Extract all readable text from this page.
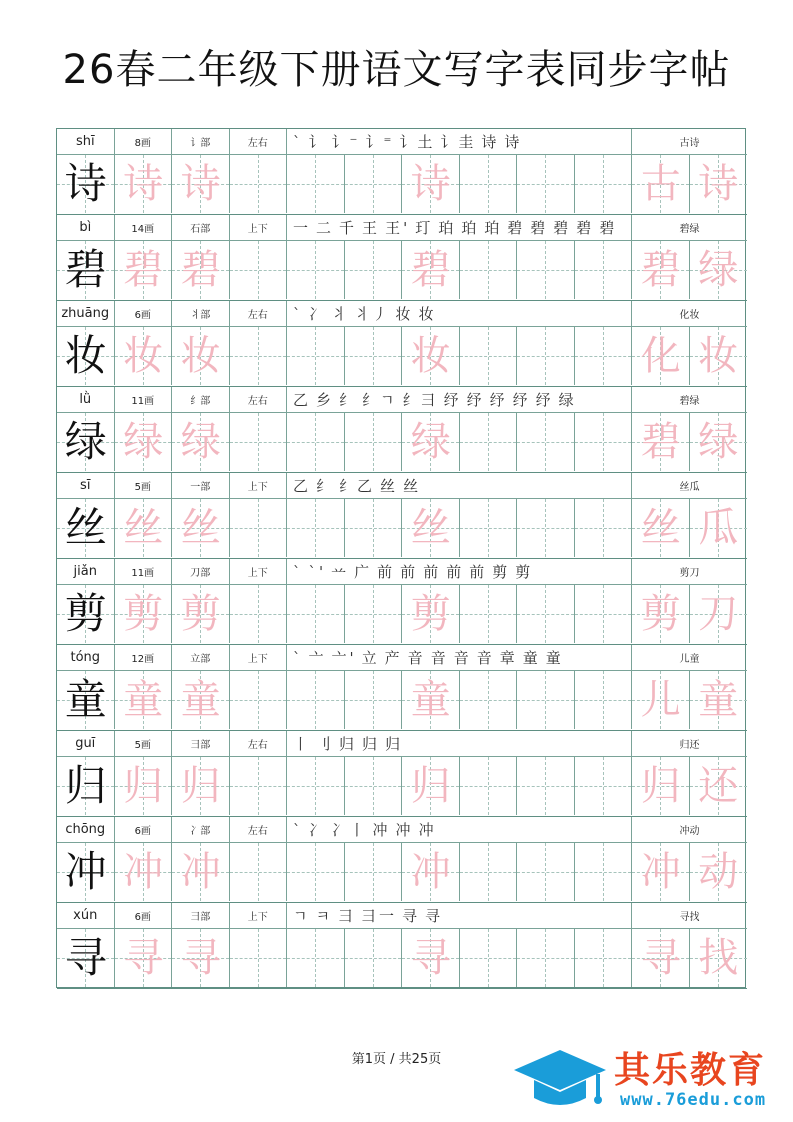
26春二年级下册语文写字表同步字帖
shī	8画	讠部	左右	ˋ 讠 讠⁻ 讠⁼ 讠土 讠圭 诗 诗	古诗
诗 诗 诗	诗	古 诗
bì	14画	石部	上下	一 二 千 王 王' 玎 珀 珀 珀 碧 碧 碧 碧 碧	碧绿
碧 碧 碧	碧	碧 绿
zhuāng	6画	丬部	左右	ˋ 冫 丬 丬丿 妆 妆	化妆
妆 妆 妆	妆	化 妆
lǜ	11画	纟部	左右	乙 乡 纟 纟ㄱ 纟⺕ 纾 纾 纾 纾 纾 绿	碧绿
绿 绿 绿	绿	碧 绿
sī	5画	一部	上下	乙 纟 纟乙 丝 丝	丝瓜
丝 丝 丝	丝	丝 瓜
jiǎn	11画	刀部	上下	ˋ ˋ' 䒑 广 前 前 前 前 前 剪 剪	剪刀
剪 剪 剪	剪	剪 刀
tóng	12画	立部	上下	ˋ 亠 亠' 立 产 音 音 音 音 章 童 童	儿童
童 童 童	童	儿 童
guī	5画	彐部	左右	丨 刂 归 归 归	归还
归 归 归	归	归 还
chōng	6画	冫部	左右	ˋ 冫 冫丨 冲 冲 冲	冲动
冲 冲 冲	冲	冲 动
xún	6画	彐部	上下	ㄱ ㅋ 彐 彐一 寻 寻	寻找
寻 寻 寻	寻	寻 找
第1页 / 共25页	其乐教育
www.76edu.com
